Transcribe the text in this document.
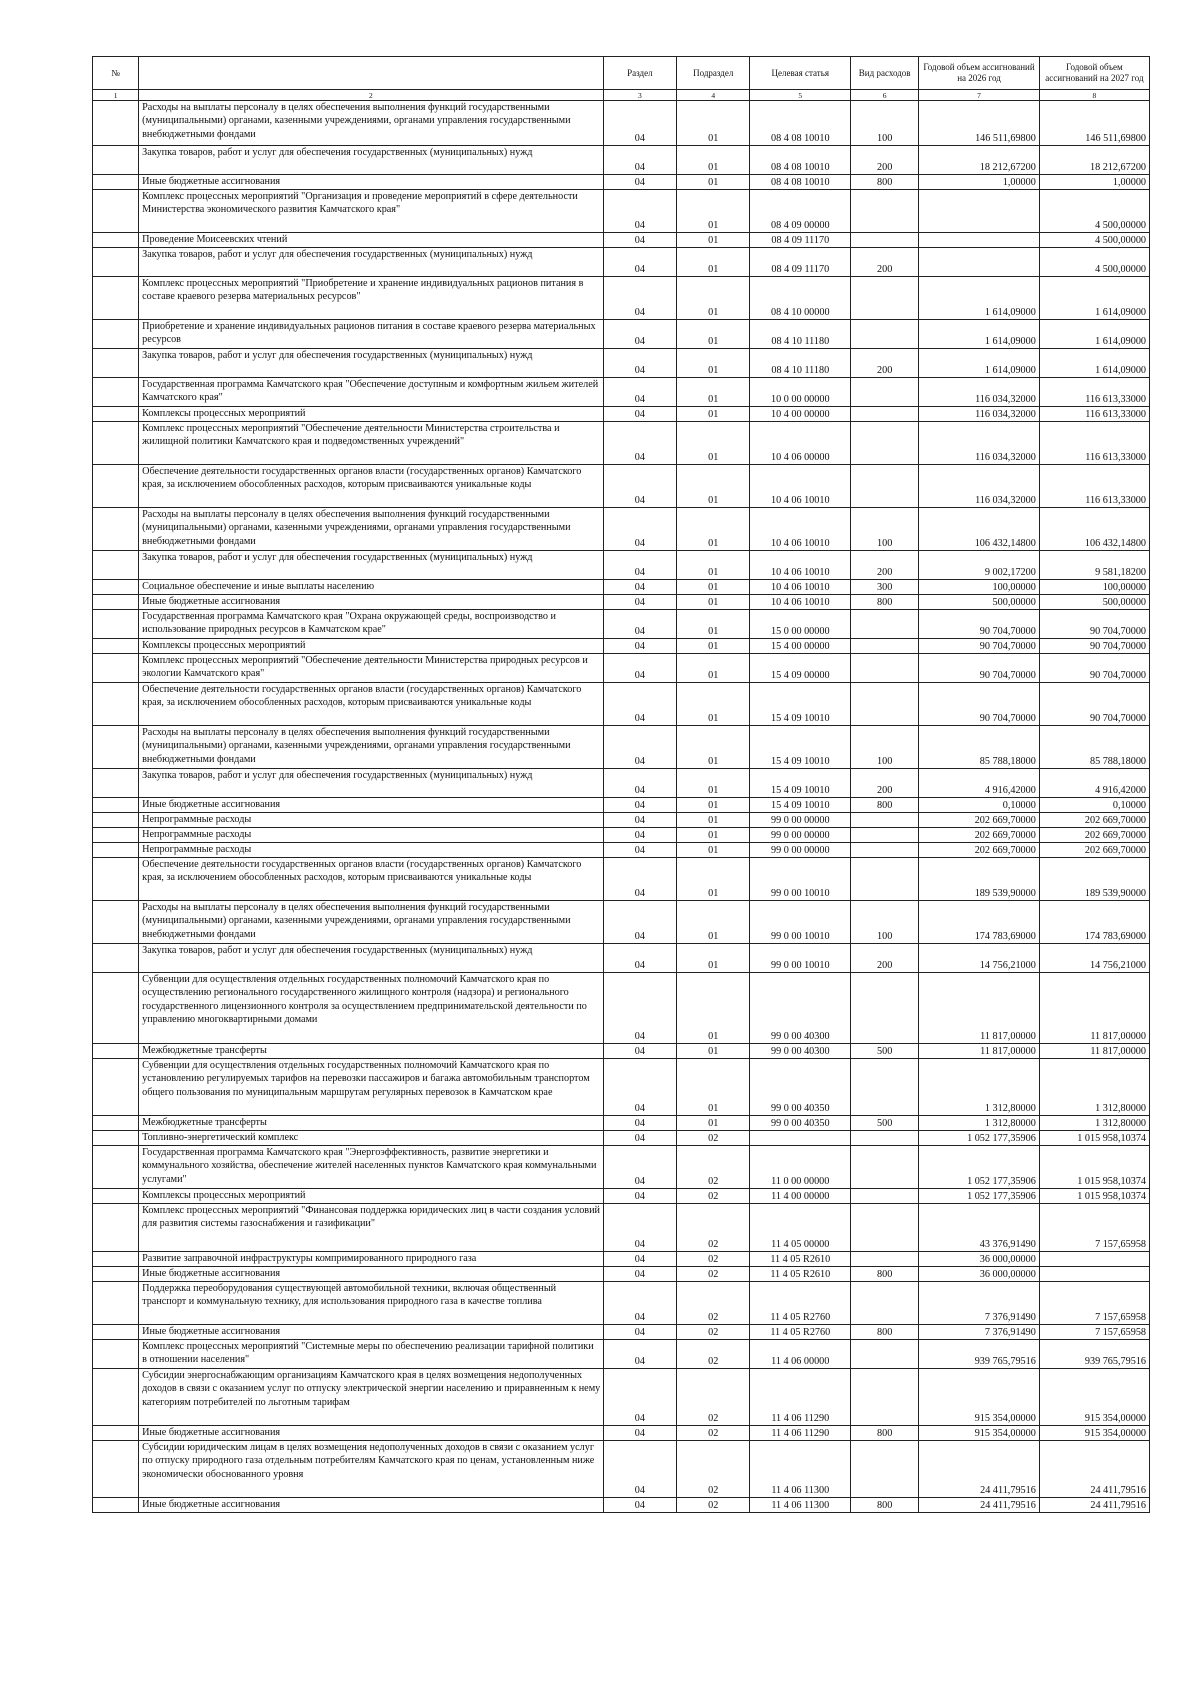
№		Раздел	Подраздел	Целевая статья	Вид расходов	Годовой объем ассигнований на 2026 год	Годовой объем ассигнований на 2027 год
1	2	3	4	5	6	7	8
	Расходы на выплаты персоналу в целях обеспечения выполнения функций государственными (муниципальными) органами, казенными учреждениями, органами управления государственными внебюджетными фондами	04	01	08 4 08 10010	100	146 511,69800	146 511,69800
	Закупка товаров, работ и услуг для обеспечения государственных (муниципальных) нужд	04	01	08 4 08 10010	200	18 212,67200	18 212,67200
	Иные бюджетные ассигнования	04	01	08 4 08 10010	800	1,00000	1,00000
	Комплекс процессных мероприятий "Организация и проведение мероприятий в сфере деятельности Министерства экономического развития Камчатского края"	04	01	08 4 09 00000			4 500,00000
	Проведение Моисеевских чтений	04	01	08 4 09 11170			4 500,00000
	Закупка товаров, работ и услуг для обеспечения государственных (муниципальных) нужд	04	01	08 4 09 11170	200		4 500,00000
	Комплекс процессных мероприятий "Приобретение и хранение индивидуальных рационов питания в составе краевого резерва материальных ресурсов"	04	01	08 4 10 00000		1 614,09000	1 614,09000
	Приобретение и хранение индивидуальных рационов питания в составе краевого резерва материальных ресурсов	04	01	08 4 10 11180		1 614,09000	1 614,09000
	Закупка товаров, работ и услуг для обеспечения государственных (муниципальных) нужд	04	01	08 4 10 11180	200	1 614,09000	1 614,09000
	Государственная программа Камчатского края "Обеспечение доступным и комфортным жильем жителей Камчатского края"	04	01	10 0 00 00000		116 034,32000	116 613,33000
	Комплексы процессных мероприятий	04	01	10 4 00 00000		116 034,32000	116 613,33000
	Комплекс процессных мероприятий "Обеспечение деятельности Министерства строительства и жилищной политики Камчатского края и подведомственных учреждений"	04	01	10 4 06 00000		116 034,32000	116 613,33000
	Обеспечение деятельности государственных органов власти (государственных органов) Камчатского края, за исключением обособленных расходов, которым присваиваются уникальные коды	04	01	10 4 06 10010		116 034,32000	116 613,33000
	Расходы на выплаты персоналу в целях обеспечения выполнения функций государственными (муниципальными) органами, казенными учреждениями, органами управления государственными внебюджетными фондами	04	01	10 4 06 10010	100	106 432,14800	106 432,14800
	Закупка товаров, работ и услуг для обеспечения государственных (муниципальных) нужд	04	01	10 4 06 10010	200	9 002,17200	9 581,18200
	Социальное обеспечение и иные выплаты населению	04	01	10 4 06 10010	300	100,00000	100,00000
	Иные бюджетные ассигнования	04	01	10 4 06 10010	800	500,00000	500,00000
	Государственная программа Камчатского края "Охрана окружающей среды, воспроизводство и использование природных ресурсов в Камчатском крае"	04	01	15 0 00 00000		90 704,70000	90 704,70000
	Комплексы процессных мероприятий	04	01	15 4 00 00000		90 704,70000	90 704,70000
	Комплекс процессных мероприятий "Обеспечение деятельности Министерства природных ресурсов и экологии Камчатского края"	04	01	15 4 09 00000		90 704,70000	90 704,70000
	Обеспечение деятельности государственных органов власти (государственных органов) Камчатского края, за исключением обособленных расходов, которым присваиваются уникальные коды	04	01	15 4 09 10010		90 704,70000	90 704,70000
	Расходы на выплаты персоналу в целях обеспечения выполнения функций государственными (муниципальными) органами, казенными учреждениями, органами управления государственными внебюджетными фондами	04	01	15 4 09 10010	100	85 788,18000	85 788,18000
	Закупка товаров, работ и услуг для обеспечения государственных (муниципальных) нужд	04	01	15 4 09 10010	200	4 916,42000	4 916,42000
	Иные бюджетные ассигнования	04	01	15 4 09 10010	800	0,10000	0,10000
	Непрограммные расходы	04	01	99 0 00 00000		202 669,70000	202 669,70000
	Непрограммные расходы	04	01	99 0 00 00000		202 669,70000	202 669,70000
	Непрограммные расходы	04	01	99 0 00 00000		202 669,70000	202 669,70000
	Обеспечение деятельности государственных органов власти (государственных органов) Камчатского края, за исключением обособленных расходов, которым присваиваются уникальные коды	04	01	99 0 00 10010		189 539,90000	189 539,90000
	Расходы на выплаты персоналу в целях обеспечения выполнения функций государственными (муниципальными) органами, казенными учреждениями, органами управления государственными внебюджетными фондами	04	01	99 0 00 10010	100	174 783,69000	174 783,69000
	Закупка товаров, работ и услуг для обеспечения государственных (муниципальных) нужд	04	01	99 0 00 10010	200	14 756,21000	14 756,21000
	Субвенции для осуществления отдельных государственных полномочий Камчатского края по осуществлению регионального государственного жилищного контроля (надзора) и регионального государственного лицензионного контроля за осуществлением предпринимательской деятельности по управлению многоквартирными домами	04	01	99 0 00 40300		11 817,00000	11 817,00000
	Межбюджетные трансферты	04	01	99 0 00 40300	500	11 817,00000	11 817,00000
	Субвенции для осуществления отдельных государственных полномочий Камчатского края по установлению регулируемых тарифов на перевозки пассажиров и багажа автомобильным транспортом общего пользования по муниципальным маршрутам регулярных перевозок в Камчатском крае	04	01	99 0 00 40350		1 312,80000	1 312,80000
	Межбюджетные трансферты	04	01	99 0 00 40350	500	1 312,80000	1 312,80000
	Топливно-энергетический комплекс	04	02			1 052 177,35906	1 015 958,10374
	Государственная программа Камчатского края "Энергоэффективность, развитие энергетики и коммунального хозяйства, обеспечение жителей населенных пунктов Камчатского края коммунальными услугами"	04	02	11 0 00 00000		1 052 177,35906	1 015 958,10374
	Комплексы процессных мероприятий	04	02	11 4 00 00000		1 052 177,35906	1 015 958,10374
	Комплекс процессных мероприятий "Финансовая поддержка юридических лиц в части создания условий для развития системы газоснабжения и газификации"	04	02	11 4 05 00000		43 376,91490	7 157,65958
	Развитие заправочной инфраструктуры компримированного природного газа	04	02	11 4 05 R2610		36 000,00000	
	Иные бюджетные ассигнования	04	02	11 4 05 R2610	800	36 000,00000	
	Поддержка переоборудования существующей автомобильной техники, включая общественный транспорт и коммунальную технику, для использования природного газа в качестве топлива	04	02	11 4 05 R2760		7 376,91490	7 157,65958
	Иные бюджетные ассигнования	04	02	11 4 05 R2760	800	7 376,91490	7 157,65958
	Комплекс процессных мероприятий "Системные меры по обеспечению реализации тарифной политики в отношении населения"	04	02	11 4 06 00000		939 765,79516	939 765,79516
	Субсидии энергоснабжающим организациям Камчатского края в целях возмещения недополученных доходов в связи с оказанием услуг по отпуску электрической энергии населению и приравненным к нему категориям потребителей по льготным тарифам	04	02	11 4 06 11290		915 354,00000	915 354,00000
	Иные бюджетные ассигнования	04	02	11 4 06 11290	800	915 354,00000	915 354,00000
	Субсидии юридическим лицам в целях возмещения недополученных доходов в связи с оказанием услуг по отпуску природного газа отдельным потребителям Камчатского края по ценам, установленным ниже экономически обоснованного уровня	04	02	11 4 06 11300		24 411,79516	24 411,79516
	Иные бюджетные ассигнования	04	02	11 4 06 11300	800	24 411,79516	24 411,79516
